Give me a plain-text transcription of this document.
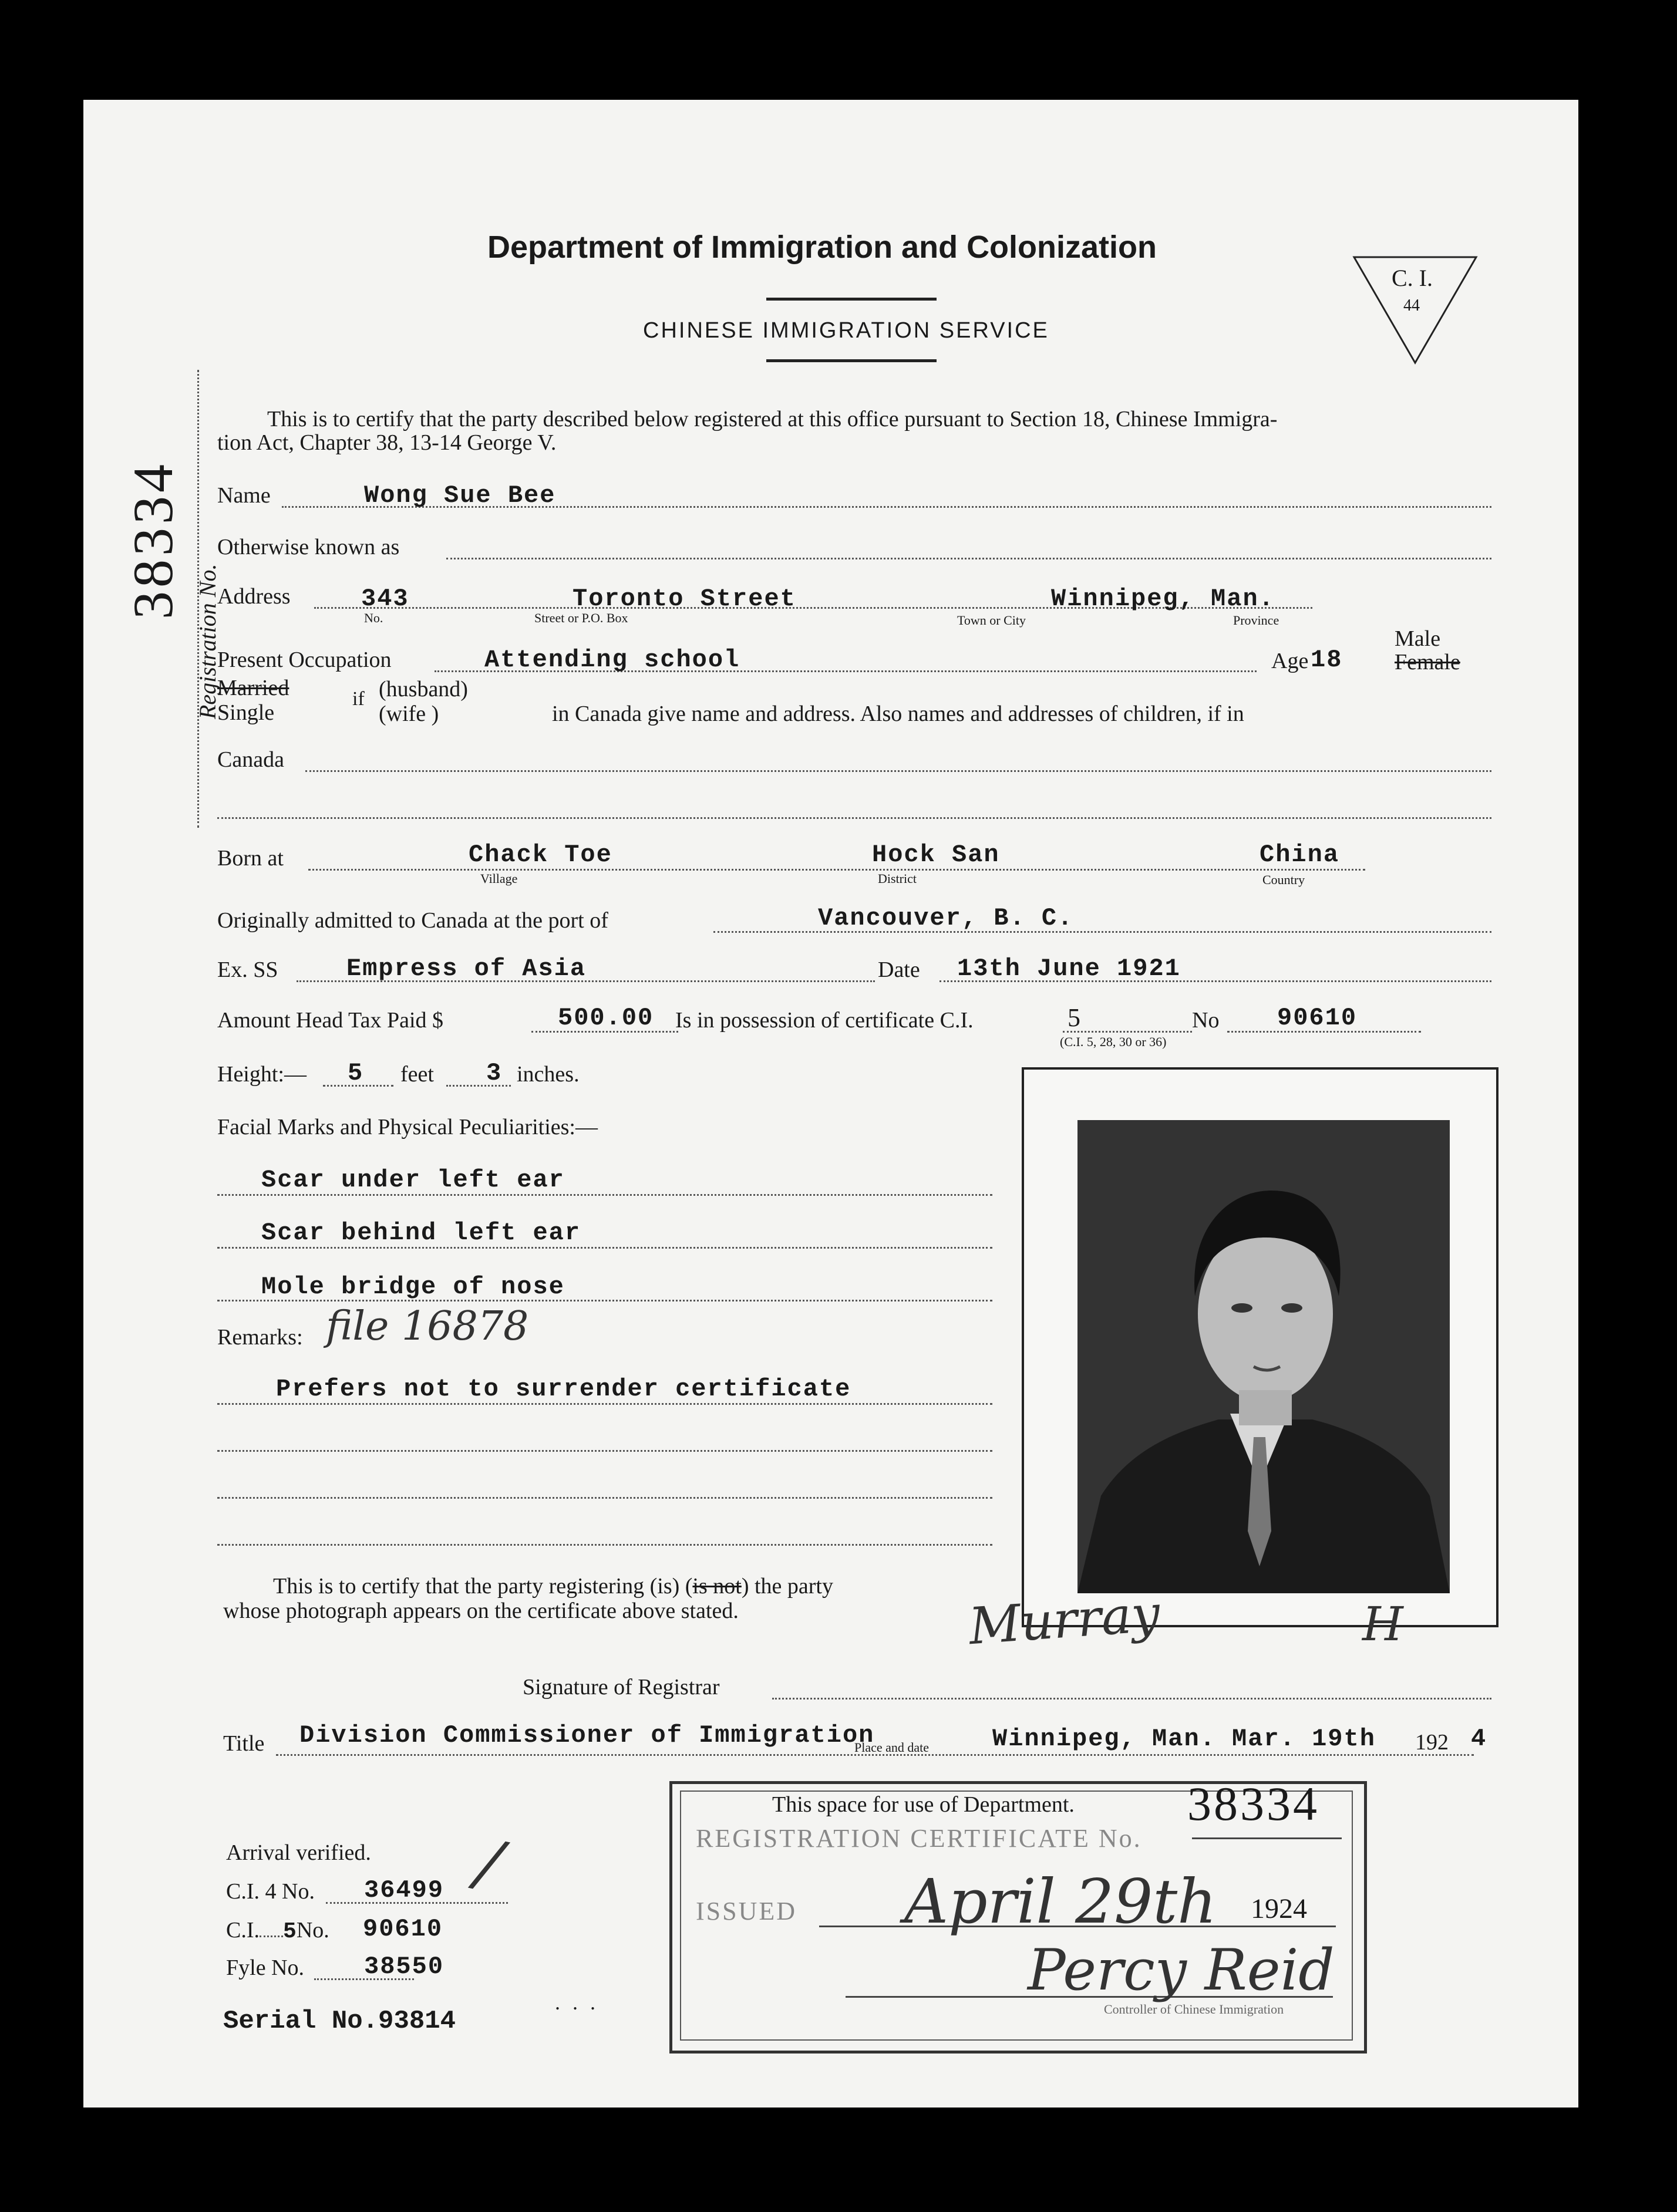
Department of Immigration and Colonization
CHINESE IMMIGRATION SERVICE
C. I.
44
Registration No.
38334
This is to certify that the party described below registered at this office pursuant to Section 18, Chinese Immigra-
tion Act, Chapter 38, 13-14 George V.
Name	Wong Sue Bee
Otherwise known as
Address	343	Toronto Street	Winnipeg, Man.
No.	Street or P.O. Box	Town or City	Province
Present Occupation	Attending school	Age 18
Male
Female
Married
Single
if (husband)
(wife )	in Canada give name and address. Also names and addresses of children, if in
Canada
Born at	Chack Toe	Hock San	China
Village	District	Country
Originally admitted to Canada at the port of	Vancouver, B. C.
Ex. SS	Empress of Asia	Date 13th June 1921
Amount Head Tax Paid $	500.00 Is in possession of certificate C.I.	5	No 90610
(C.I. 5, 28, 30 or 36)
Height:— 5 feet 3 inches.
Facial Marks and Physical Peculiarities:—
Scar under left ear
Scar behind left ear
Mole bridge of nose
Remarks: file 16878
Prefers not to surrender certificate
This is to certify that the party registering (is) (is not) the party
whose photograph appears on the certificate above stated.	Murray	H
Signature of Registrar
Title Division Commissioner of Immigration
Place and date	Winnipeg, Man. Mar. 19th 192 4
This space for use of Department. 38334
REGISTRATION CERTIFICATE No.
ISSUED April 29th 1924
Percy Reid
Controller of Chinese Immigration
Arrival verified. /
C.I. 4 No. 36499
C.I. 5No. 90610
Fyle No. 38550
Serial No.93814
. . .
